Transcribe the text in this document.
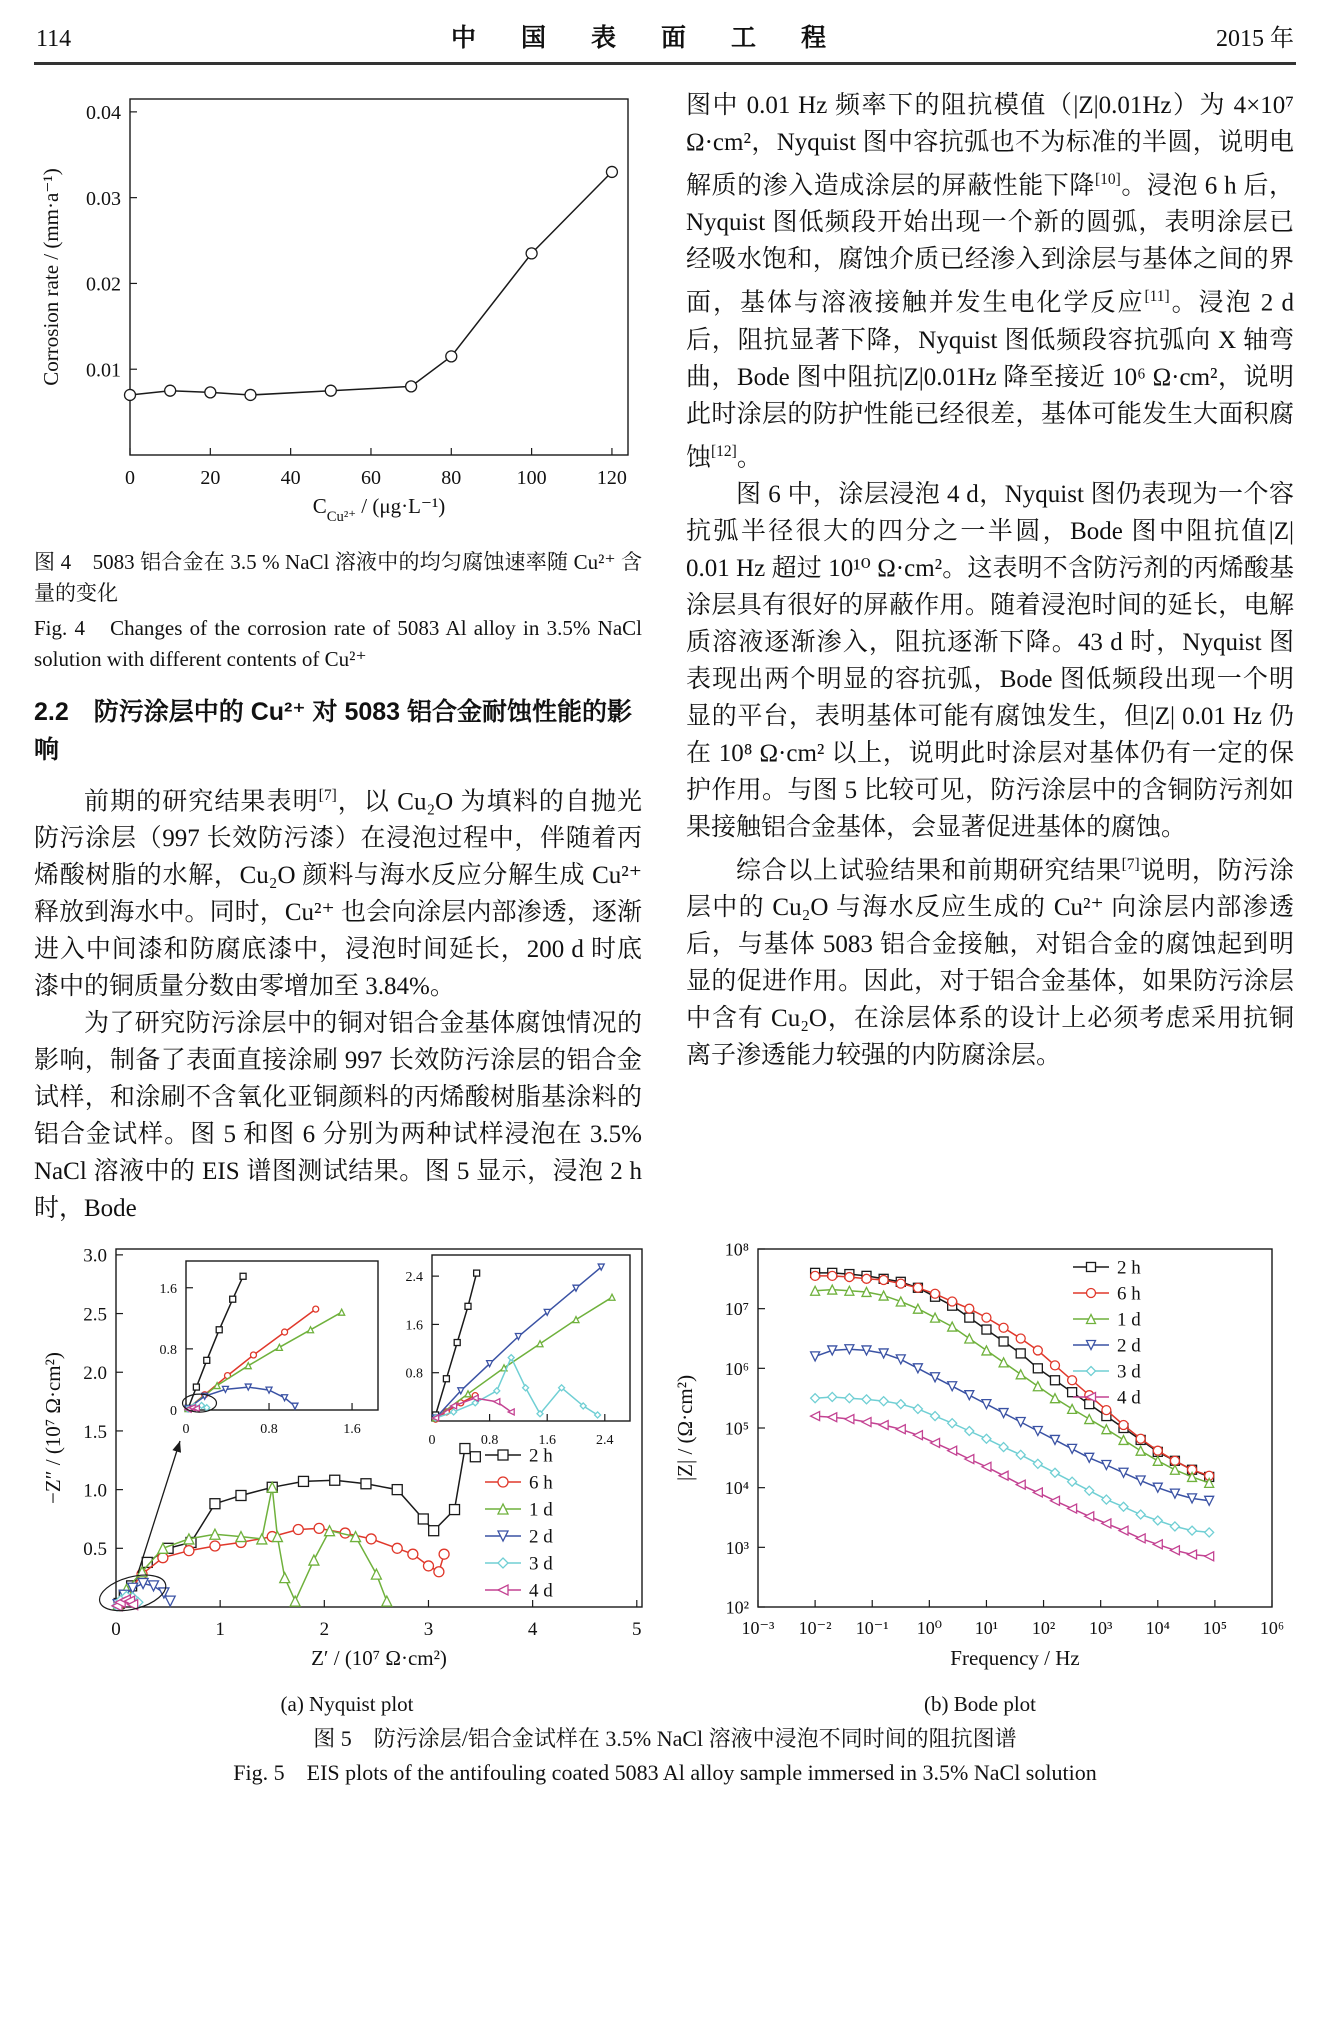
114	中　国　表　面　工　程	2015 年
0	20	40	60	80	100	120
0.01
0.02
0.03
0.04
$C_{Cu^{2+}} / (\mu g\cdot L^{-1})$
Corrosion rate / (mm·a⁻¹)
图 4　5083 铝合金在 3.5 % NaCl 溶液中的均匀腐蚀速率随 Cu²⁺ 含量的变化
Fig. 4　Changes of the corrosion rate of 5083 Al alloy in 3.5% NaCl solution with different contents of Cu²⁺
2.2　防污涂层中的 Cu²⁺ 对 5083 铝合金耐蚀性能的影响

前期的研究结果表明[7]，以 Cu₂O 为填料的自抛光防污涂层（997 长效防污漆）在浸泡过程中，伴随着丙烯酸树脂的水解，Cu₂O 颜料与海水反应分解生成 Cu²⁺ 释放到海水中。同时，Cu²⁺ 也会向涂层内部渗透，逐渐进入中间漆和防腐底漆中，浸泡时间延长，200 d 时底漆中的铜质量分数由零增加至 3.84%。

为了研究防污涂层中的铜对铝合金基体腐蚀情况的影响，制备了表面直接涂刷 997 长效防污涂层的铝合金试样，和涂刷不含氧化亚铜颜料的丙烯酸树脂基涂料的铝合金试样。图 5 和图 6 分别为两种试样浸泡在 3.5% NaCl 溶液中的 EIS 谱图测试结果。图 5 显示，浸泡 2 h 时，Bode

图中 0.01 Hz 频率下的阻抗模值（|Z|0.01Hz）为 4×10⁷ Ω·cm²，Nyquist 图中容抗弧也不为标准的半圆，说明电解质的渗入造成涂层的屏蔽性能下降[10]。浸泡 6 h 后，Nyquist 图低频段开始出现一个新的圆弧，表明涂层已经吸水饱和，腐蚀介质已经渗入到涂层与基体之间的界面，基体与溶液接触并发生电化学反应[11]。浸泡 2 d 后，阻抗显著下降，Nyquist 图低频段容抗弧向 X 轴弯曲，Bode 图中阻抗|Z|0.01Hz 降至接近 10⁶ Ω·cm²，说明此时涂层的防护性能已经很差，基体可能发生大面积腐蚀[12]。

图 6 中，涂层浸泡 4 d，Nyquist 图仍表现为一个容抗弧半径很大的四分之一半圆，Bode 图中阻抗值|Z| 0.01 Hz 超过 10¹⁰ Ω·cm²。这表明不含防污剂的丙烯酸基涂层具有很好的屏蔽作用。随着浸泡时间的延长，电解质溶液逐渐渗入，阻抗逐渐下降。43 d 时，Nyquist 图表现出两个明显的容抗弧，Bode 图低频段出现一个明显的平台，表明基体可能有腐蚀发生，但|Z| 0.01 Hz 仍在 10⁸ Ω·cm² 以上，说明此时涂层对基体仍有一定的保护作用。与图 5 比较可见，防污涂层中的含铜防污剂如果接触铝合金基体，会显著促进基体的腐蚀。

综合以上试验结果和前期研究结果[7]说明，防污涂层中的 Cu₂O 与海水反应生成的 Cu²⁺ 向涂层内部渗透后，与基体 5083 铝合金接触，对铝合金的腐蚀起到明显的促进作用。因此，对于铝合金基体，如果防污涂层中含有 Cu₂O，在涂层体系的设计上必须考虑采用抗铜离子渗透能力较强的内防腐涂层。

0	1	2	3	4	5
0.5
1.0
1.5
2.0
2.5
3.0
2 h
6 h
1 d
2 d
3 d
4 d
Z′ / (10⁷ Ω·cm²)
−Z″ / (10⁷ Ω·cm²)	0	0.8	1.6
0
0.8
1.6
0	0.8	1.6	2.4
0.8
1.6
2.4

(a) Nyquist plot

10⁻³ 10⁻² 10⁻¹ 10⁰ 10¹ 10² 10³ 10⁴ 10⁵ 10⁶
10²
10³
10⁴
10⁵
10⁶
10⁷
10⁸
2 h
6 h
1 d
2 d
3 d
4 d
Frequency / Hz
|Z| / (Ω·cm²)

(b) Bode plot

图 5　防污涂层/铝合金试样在 3.5% NaCl 溶液中浸泡不同时间的阻抗图谱

Fig. 5　EIS plots of the antifouling coated 5083 Al alloy sample immersed in 3.5% NaCl solution
